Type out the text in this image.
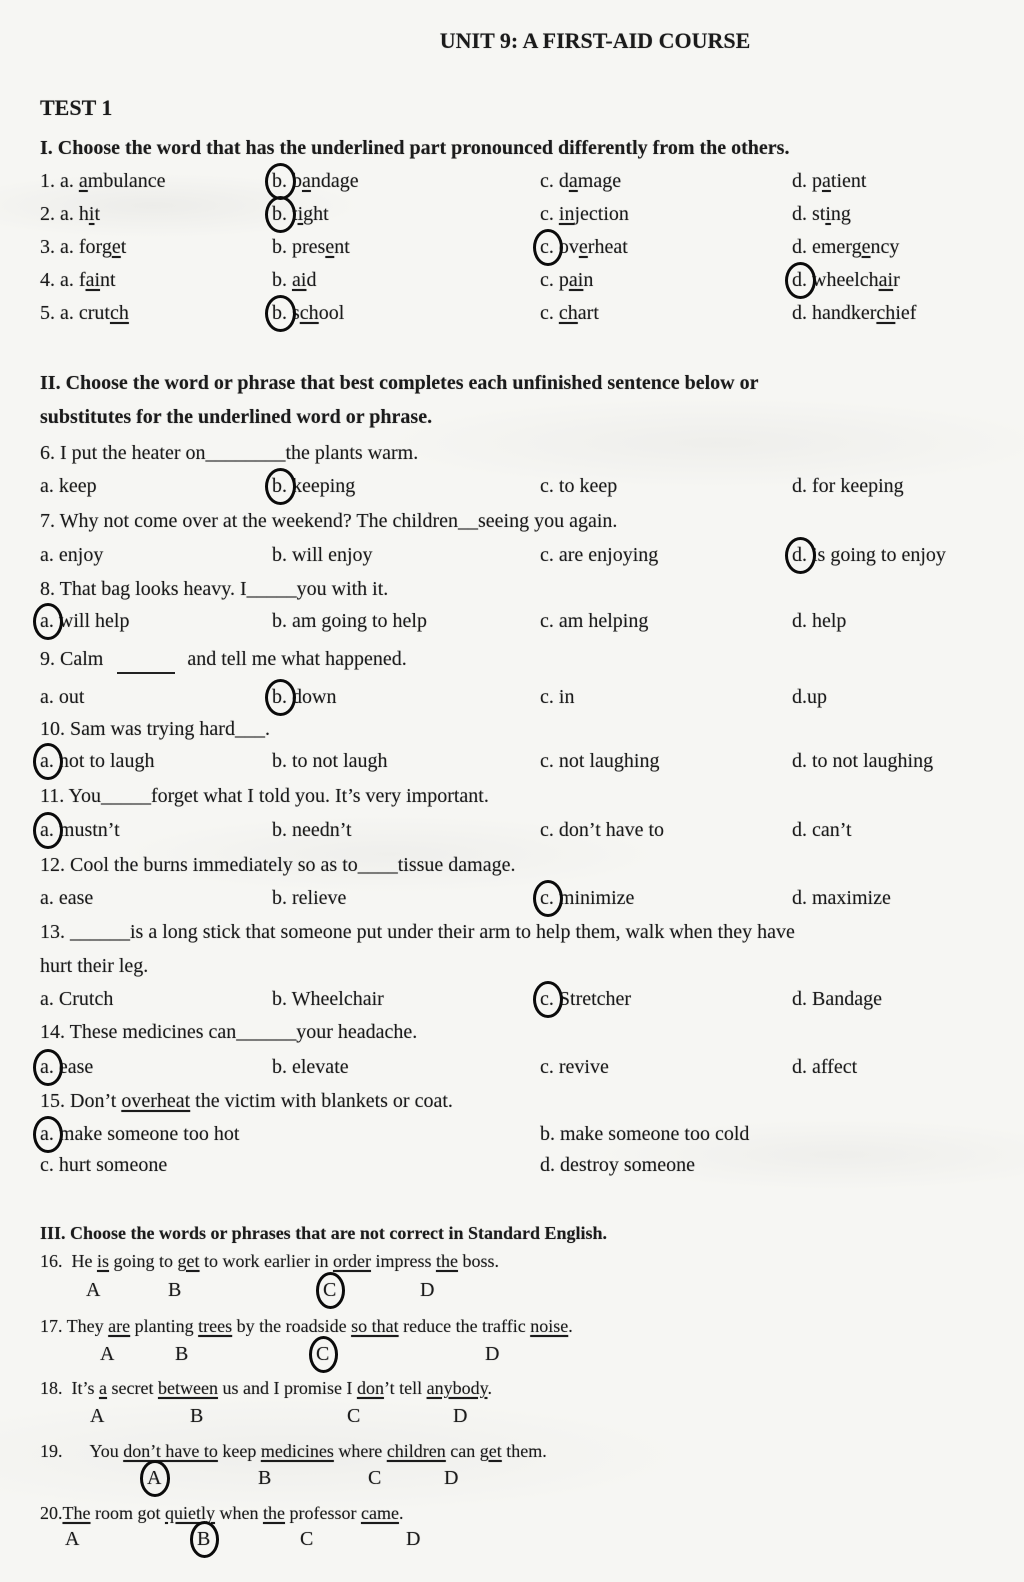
UNIT 9: A FIRST-AID COURSE
TEST 1
I. Choose the word that has the underlined part pronounced differently from the others.
1. a. ambulance	b. bandage	c. damage	d. patient
2. a. hit	b. tight	c. injection	d. sting
3. a. forget	b. present	c. overheat	d. emergency
4. a. faint	b. aid	c. pain	d. wheelchair
5. a. crutch	b. school	c. chart	d. handkerchief
II. Choose the word or phrase that best completes each unfinished sentence below or
substitutes for the underlined word or phrase.
6. I put the heater on________the plants warm.
a. keep	b. keeping	c. to keep	d. for keeping
7. Why not come over at the weekend? The children__seeing you again.
a. enjoy	b. will enjoy	c. are enjoying	d. is going to enjoy
8. That bag looks heavy. I_____you with it.
a. will help	b. am going to help	c. am helping	d. help
9. Calm	and tell me what happened.
a. out	b. down	c. in	d.up
10. Sam was trying hard___.
a. not to laugh	b. to not laugh	c. not laughing	d. to not laughing
11. You_____forget what I told you. It’s very important.
a. mustn’t	b. needn’t	c. don’t have to	d. can’t
12. Cool the burns immediately so as to____tissue damage.
a. ease	b. relieve	c. minimize	d. maximize
13. ______is a long stick that someone put under their arm to help them, walk when they have
hurt their leg.
a. Crutch	b. Wheelchair	c. Stretcher	d. Bandage
14. These medicines can______your headache.
a. ease	b. elevate	c. revive	d. affect
15. Don’t overheat the victim with blankets or coat.
a. make someone too hot	b. make someone too cold
c. hurt someone	d. destroy someone
III. Choose the words or phrases that are not correct in Standard English.
16.  He is going to get to work earlier in order impress the boss.
A	B	C	D
17. They are planting trees by the roadside so that reduce the traffic noise.
A	B	C	D
18.  It’s a secret between us and I promise I don’t tell anybody.
A	B	C	D
19.      You don’t have to keep medicines where children can get them.
A	B	C	D
20.The room got quietly when the professor came.
A	B	C	D
